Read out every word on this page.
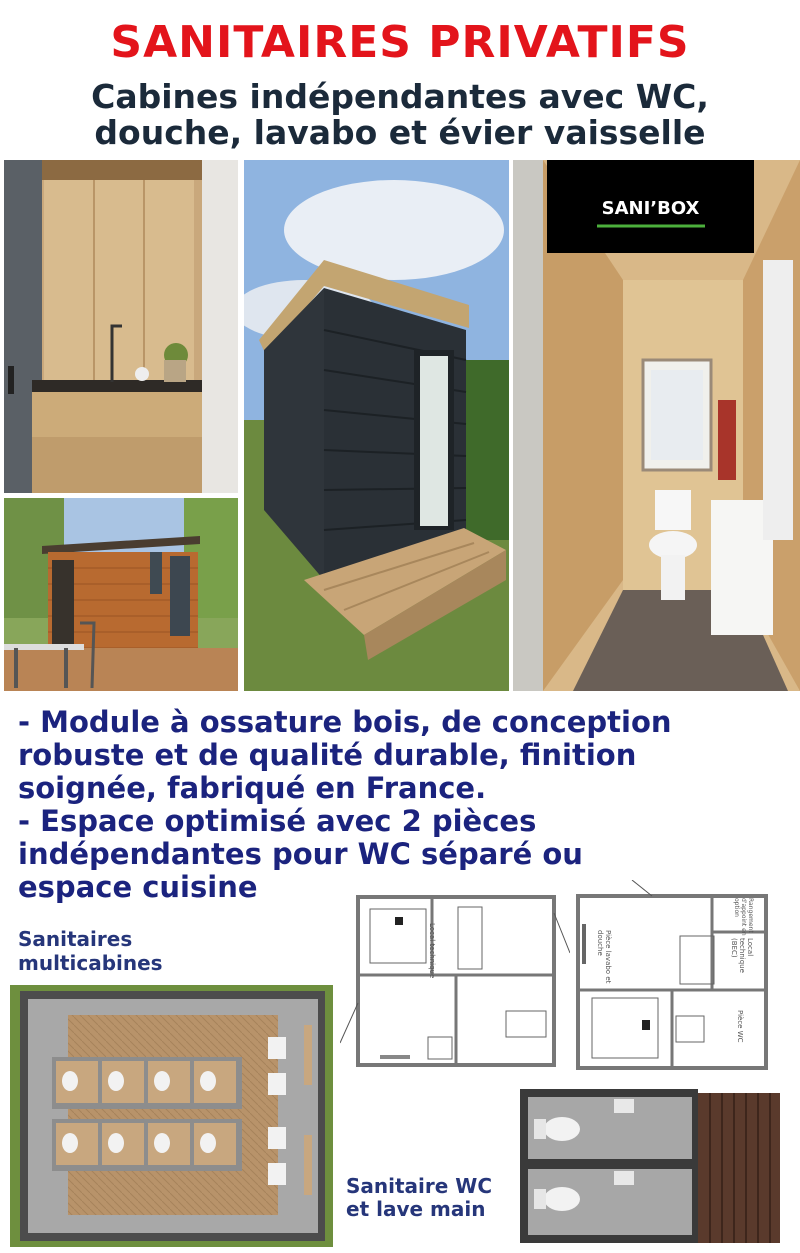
SANITAIRES PRIVATIFS
Cabines indépendantes avec WC,
douche, lavabo et évier vaisselle
SANI’BOX
- Module à ossature bois, de conception
robuste et de qualité durable, finition
soignée, fabriqué en France.
- Espace optimisé avec 2 pièces
indépendantes pour WC séparé ou
espace cuisine
Sanitaires
multicabines	Local technique	Pièce lavabo et douche	Local technique (BEC)
Rangement d'appoint en option
Pièce WC
Sanitaire WC
et lave main
